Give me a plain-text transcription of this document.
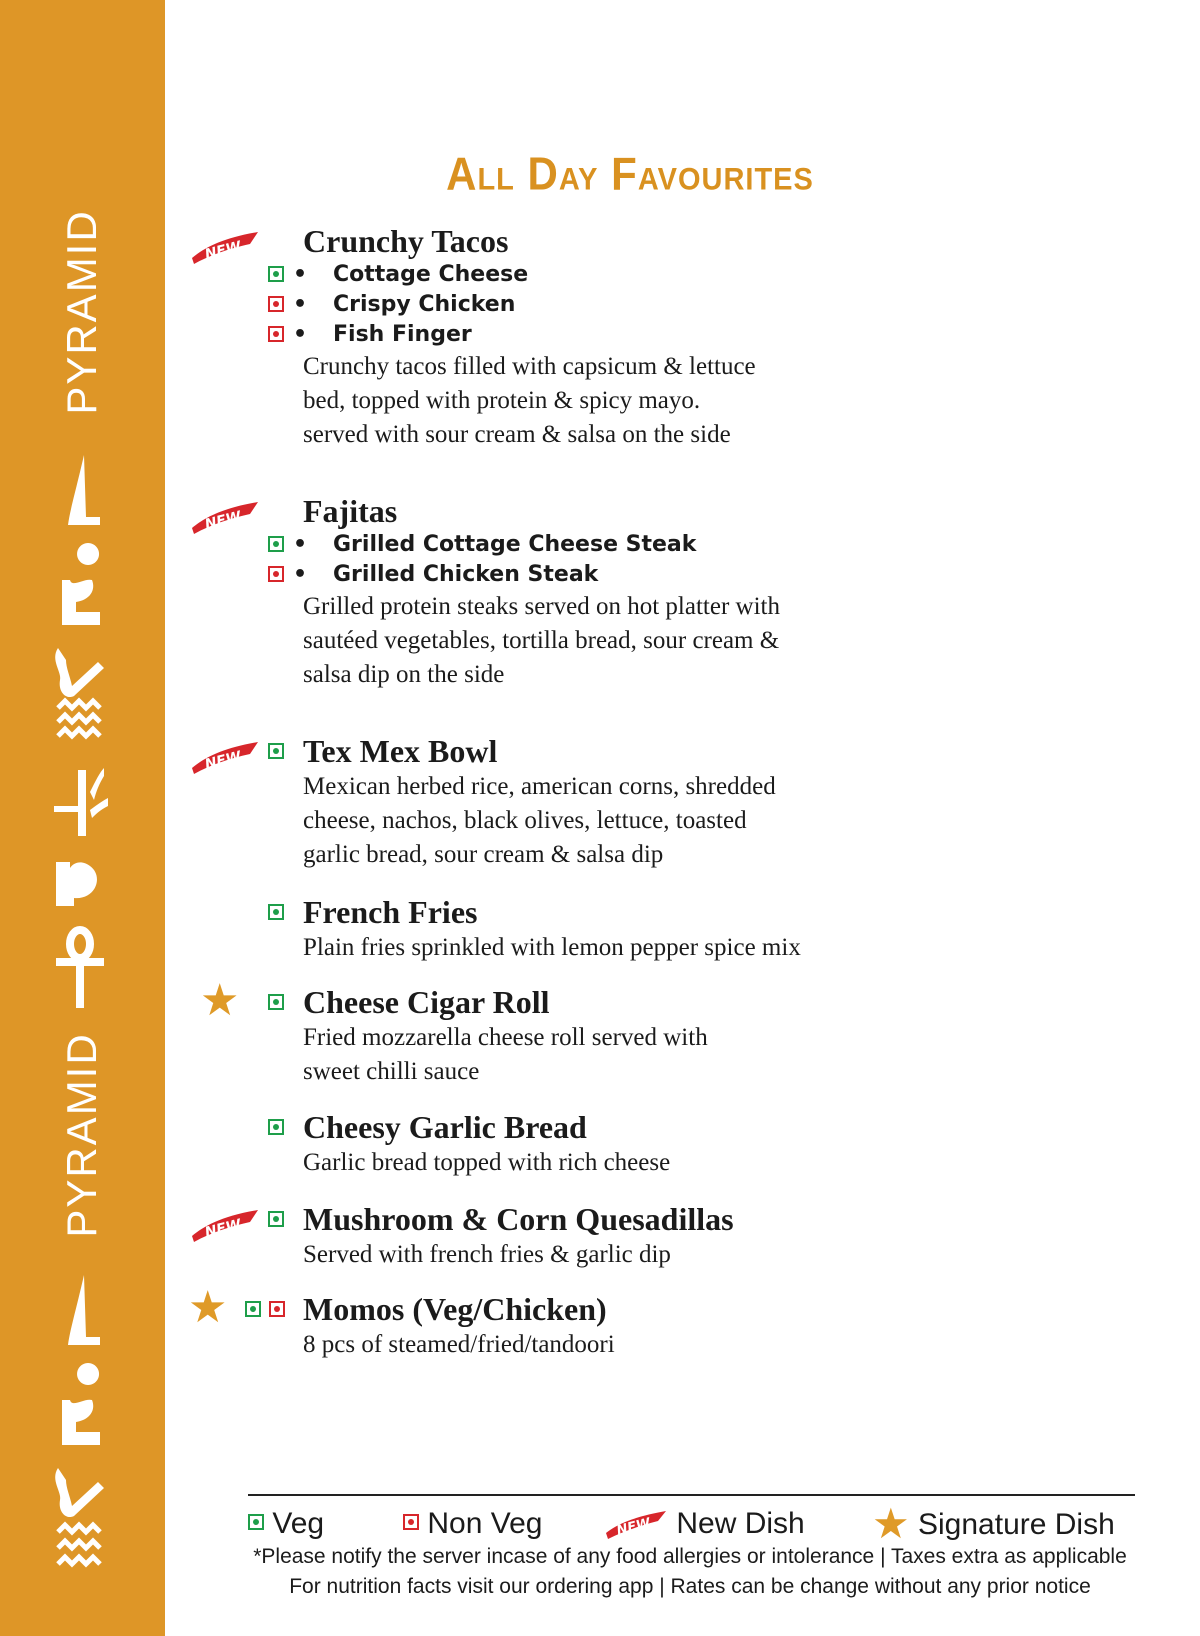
PYRAMID
PYRAMID
All Day Favourites
NEW Crunchy Tacos
• Cottage Cheese
• Crispy Chicken
• Fish Finger
Crunchy tacos filled with capsicum & lettuce
bed, topped with protein & spicy mayo.
served with sour cream & salsa on the side
NEW Fajitas
• Grilled Cottage Cheese Steak
• Grilled Chicken Steak
Grilled protein steaks served on hot platter with
sautéed vegetables, tortilla bread, sour cream &
salsa dip on the side
NEW Tex Mex Bowl
Mexican herbed rice, american corns, shredded
cheese, nachos, black olives, lettuce, toasted
garlic bread, sour cream & salsa dip
French Fries
Plain fries sprinkled with lemon pepper spice mix
★ Cheese Cigar Roll
Fried mozzarella cheese roll served with
sweet chilli sauce
Cheesy Garlic Bread
Garlic bread topped with rich cheese
NEW Mushroom & Corn Quesadillas
Served with french fries & garlic dip
★ Momos (Veg/Chicken)
8 pcs of steamed/fried/tandoori
Veg	Non Veg	NEW New Dish ★ Signature Dish
*Please notify the server incase of any food allergies or intolerance | Taxes extra as applicable
For nutrition facts visit our ordering app | Rates can be change without any prior notice
